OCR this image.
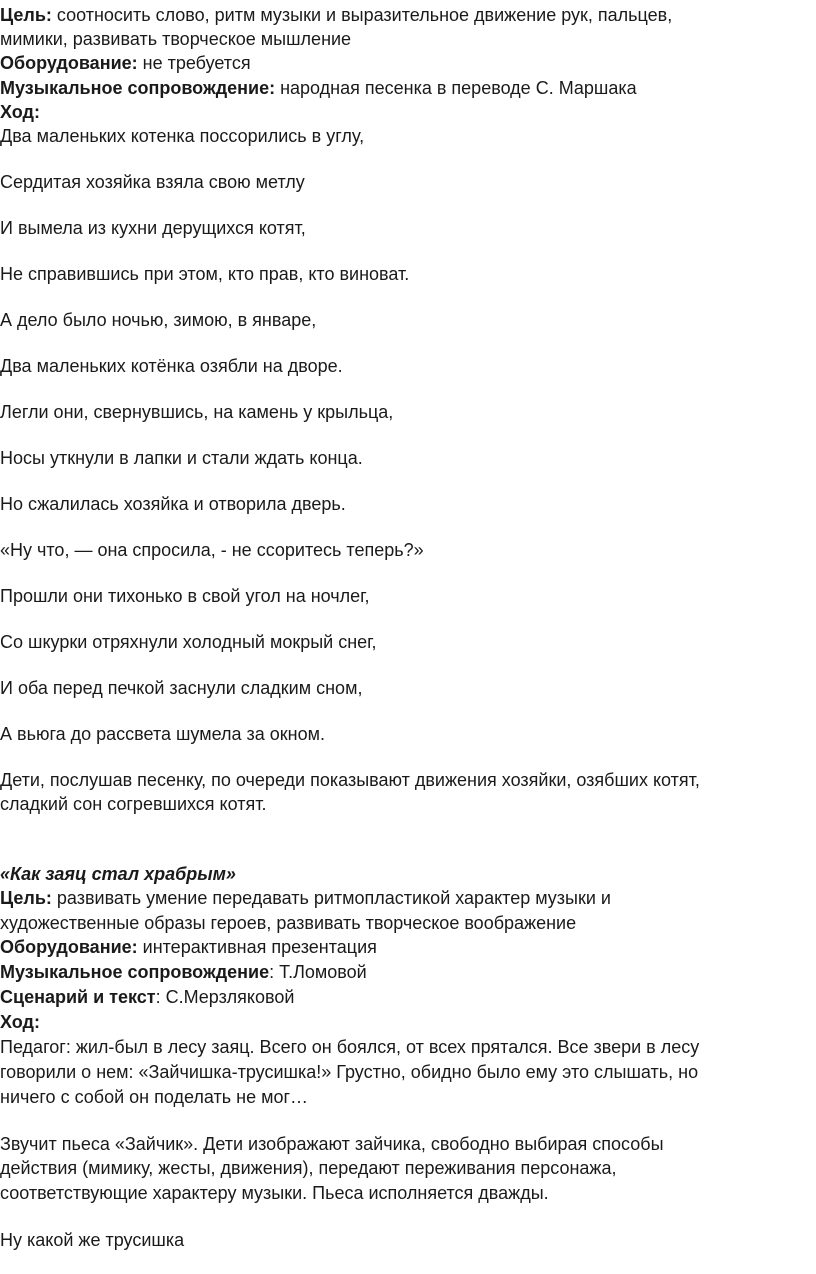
Цель: соотносить слово, ритм музыки и выразительное движение рук, пальцев,
мимики, развивать творческое мышление
Оборудование: не требуется
Музыкальное сопровождение: народная песенка в переводе С. Маршака
Ход:
Два маленьких котенка поссорились в углу,
Сердитая хозяйка взяла свою метлу
И вымела из кухни дерущихся котят,
Не справившись при этом, кто прав, кто виноват.
А дело было ночью, зимою, в январе,
Два маленьких котёнка озябли на дворе.
Легли они, свернувшись, на камень у крыльца,
Носы уткнули в лапки и стали ждать конца.
Но сжалилась хозяйка и отворила дверь.
«Ну что, — она спросила, - не ссоритесь теперь?»
Прошли они тихонько в свой угол на ночлег,
Со шкурки отряхнули холодный мокрый снег,
И оба перед печкой заснули сладким сном,
А вьюга до рассвета шумела за окном.
Дети, послушав песенку, по очереди показывают движения хозяйки, озябших котят,
сладкий сон согревшихся котят.
«Как заяц стал храбрым»
Цель: развивать умение передавать ритмопластикой характер музыки и
художественные образы героев, развивать творческое воображение
Оборудование: интерактивная презентация
Музыкальное сопровождение: Т.Ломовой
Сценарий и текст: С.Мерзляковой
Ход:
Педагог: жил-был в лесу заяц. Всего он боялся, от всех прятался. Все звери в лесу
говорили о нем: «Зайчишка-трусишка!» Грустно, обидно было ему это слышать, но
ничего с собой он поделать не мог…
Звучит пьеса «Зайчик». Дети изображают зайчика, свободно выбирая способы
действия (мимику, жесты, движения), передают переживания персонажа,
соответствующие характеру музыки. Пьеса исполняется дважды.
Ну какой же трусишка
